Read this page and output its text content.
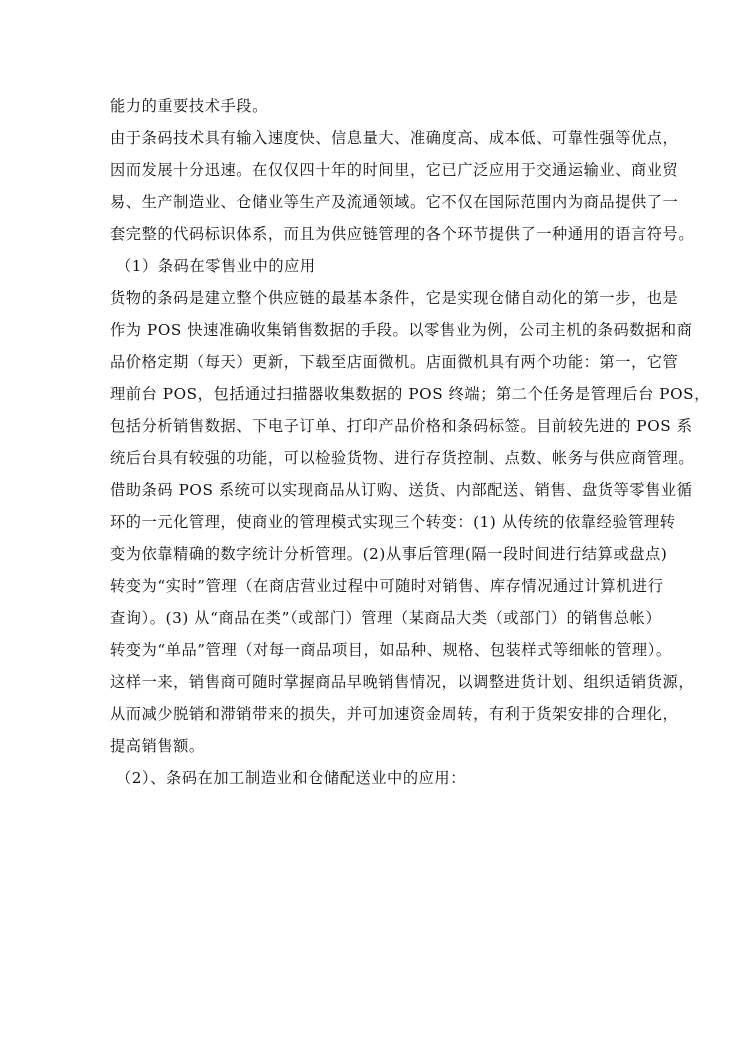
能力的重要技术手段。
由于条码技术具有输入速度快、信息量大、准确度高、成本低、可靠性强等优点，
因而发展十分迅速。在仅仅四十年的时间里，它已广泛应用于交通运输业、商业贸
易、生产制造业、仓储业等生产及流通领域。它不仅在国际范围内为商品提供了一
套完整的代码标识体系，而且为供应链管理的各个环节提供了一种通用的语言符号。
（1）条码在零售业中的应用
货物的条码是建立整个供应链的最基本条件，它是实现仓储自动化的第一步，也是
作为 POS 快速准确收集销售数据的手段。以零售业为例，公司主机的条码数据和商
品价格定期（每天）更新，下载至店面微机。店面微机具有两个功能：第一，它管
理前台 POS，包括通过扫描器收集数据的 POS 终端；第二个任务是管理后台 POS，
包括分析销售数据、下电子订单、打印产品价格和条码标签。目前较先进的 POS 系
统后台具有较强的功能，可以检验货物、进行存货控制、点数、帐务与供应商管理。
借助条码 POS 系统可以实现商品从订购、送货、内部配送、销售、盘货等零售业循
环的一元化管理，使商业的管理模式实现三个转变：(1) 从传统的依靠经验管理转
变为依靠精确的数字统计分析管理。(2)从事后管理(隔一段时间进行结算或盘点)
转变为“实时”管理（在商店营业过程中可随时对销售、库存情况通过计算机进行
查询）。(3) 从“商品在类”（或部门）管理（某商品大类（或部门）的销售总帐）
转变为“单品”管理（对每一商品项目，如品种、规格、包装样式等细帐的管理）。
这样一来，销售商可随时掌握商品早晚销售情况，以调整进货计划、组织适销货源，
从而减少脱销和滞销带来的损失，并可加速资金周转，有利于货架安排的合理化，
提高销售额。
（2）、条码在加工制造业和仓储配送业中的应用：
